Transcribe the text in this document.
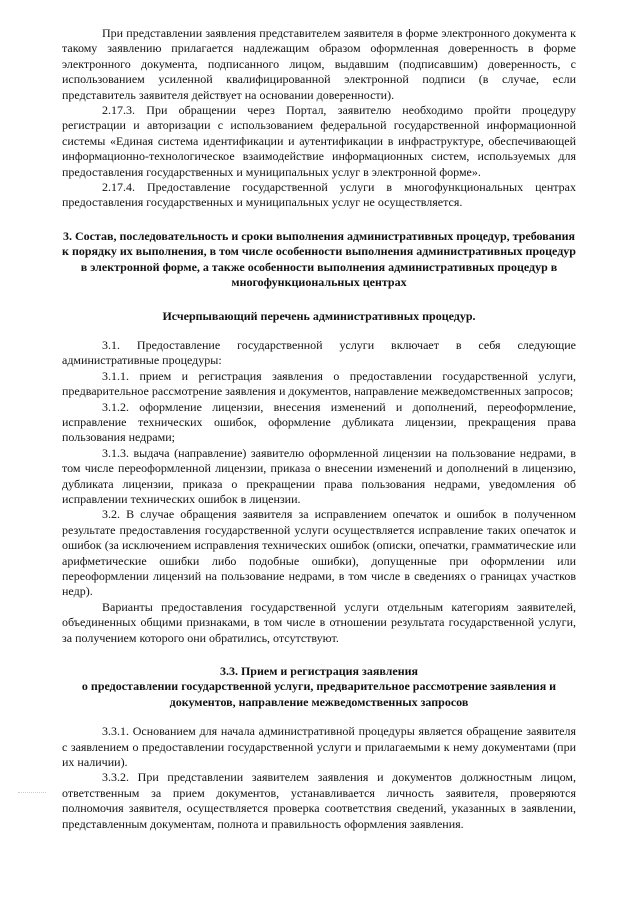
При представлении заявления представителем заявителя в форме электронного документа к такому заявлению прилагается надлежащим образом оформленная доверенность в форме электронного документа, подписанного лицом, выдавшим (подписавшим) доверенность, с использованием усиленной квалифицированной электронной подписи (в случае, если представитель заявителя действует на основании доверенности).

2.17.3. При обращении через Портал, заявителю необходимо пройти процедуру регистрации и авторизации с использованием федеральной государственной информационной системы «Единая система идентификации и аутентификации в инфраструктуре, обеспечивающей информационно-технологическое взаимодействие информационных систем, используемых для предоставления государственных и муниципальных услуг в электронной форме».

2.17.4. Предоставление государственной услуги в многофункциональных центрах предоставления государственных и муниципальных услуг не осуществляется.

3. Состав, последовательность и сроки выполнения административных процедур, требования к порядку их выполнения, в том числе особенности выполнения административных процедур в электронной форме, а также особенности выполнения административных процедур в многофункциональных центрах

Исчерпывающий перечень административных процедур.

3.1. Предоставление государственной услуги включает в себя следующие административные процедуры:

3.1.1. прием и регистрация заявления о предоставлении государственной услуги, предварительное рассмотрение заявления и документов, направление межведомственных запросов;

3.1.2. оформление лицензии, внесения изменений и дополнений, переоформление, исправление технических ошибок, оформление дубликата лицензии, прекращения права пользования недрами;

3.1.3. выдача (направление) заявителю оформленной лицензии на пользование недрами, в том числе переоформленной лицензии, приказа о внесении изменений и дополнений в лицензию, дубликата лицензии, приказа о прекращении права пользования недрами, уведомления об исправлении технических ошибок в лицензии.

3.2. В случае обращения заявителя за исправлением опечаток и ошибок в полученном результате предоставления государственной услуги осуществляется исправление таких опечаток и ошибок (за исключением исправления технических ошибок (описки, опечатки, грамматические или арифметические ошибки либо подобные ошибки), допущенные при оформлении или переоформлении лицензий на пользование недрами, в том числе в сведениях о границах участков недр).

Варианты предоставления государственной услуги отдельным категориям заявителей, объединенных общими признаками, в том числе в отношении результата государственной услуги, за получением которого они обратились, отсутствуют.

3.3. Прием и регистрация заявления

о предоставлении государственной услуги, предварительное рассмотрение заявления и документов, направление межведомственных запросов

3.3.1. Основанием для начала административной процедуры является обращение заявителя с заявлением о предоставлении государственной услуги и прилагаемыми к нему документами (при их наличии).

3.3.2. При представлении заявителем заявления и документов должностным лицом, ответственным за прием документов, устанавливается личность заявителя, проверяются полномочия заявителя, осуществляется проверка соответствия сведений, указанных в заявлении, представленным документам, полнота и правильность оформления заявления.
